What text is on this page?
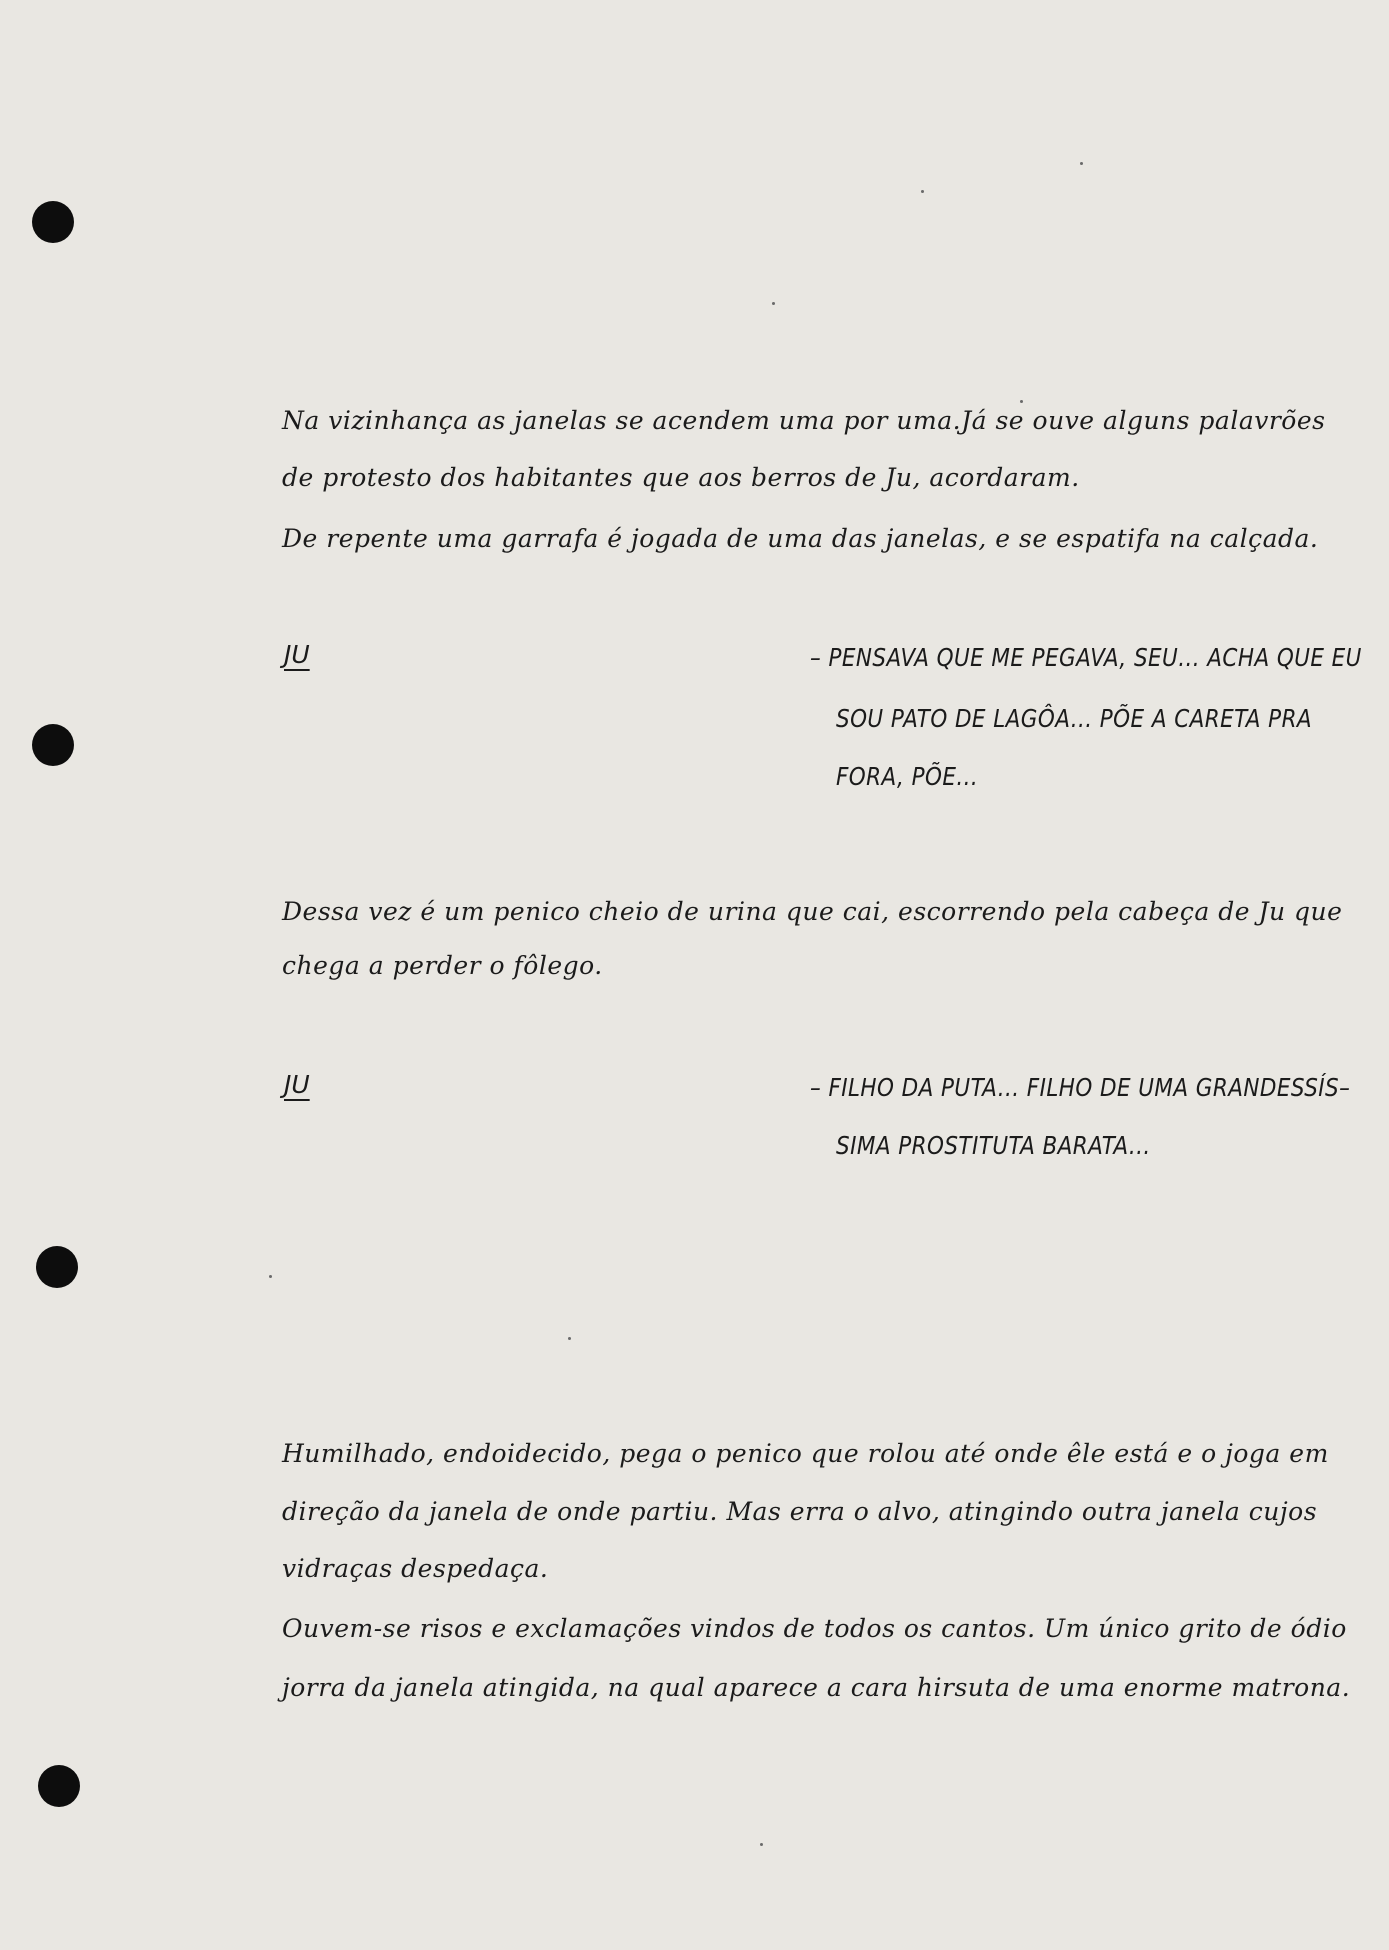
Na vizinhança as janelas se acendem uma por uma.Já se ouve alguns palavrões
de protesto dos habitantes que aos berros de Ju, acordaram.
De repente uma garrafa é jogada de uma das janelas, e se espatifa na calçada.
JU	– PENSAVA QUE ME PEGAVA, SEU... ACHA QUE EU
SOU PATO DE LAGÔA... PÕE A CARETA PRA
FORA, PÕE...
Dessa vez é um penico cheio de urina que cai, escorrendo pela cabeça de Ju que
chega a perder o fôlego.
JU	– FILHO DA PUTA... FILHO DE UMA GRANDESSÍS–
SIMA PROSTITUTA BARATA...
Humilhado, endoidecido, pega o penico que rolou até onde êle está e o joga em
direção da janela de onde partiu. Mas erra o alvo, atingindo outra janela cujos
vidraças despedaça.
Ouvem-se risos e exclamações vindos de todos os cantos. Um único grito de ódio
jorra da janela atingida, na qual aparece a cara hirsuta de uma enorme matrona.
